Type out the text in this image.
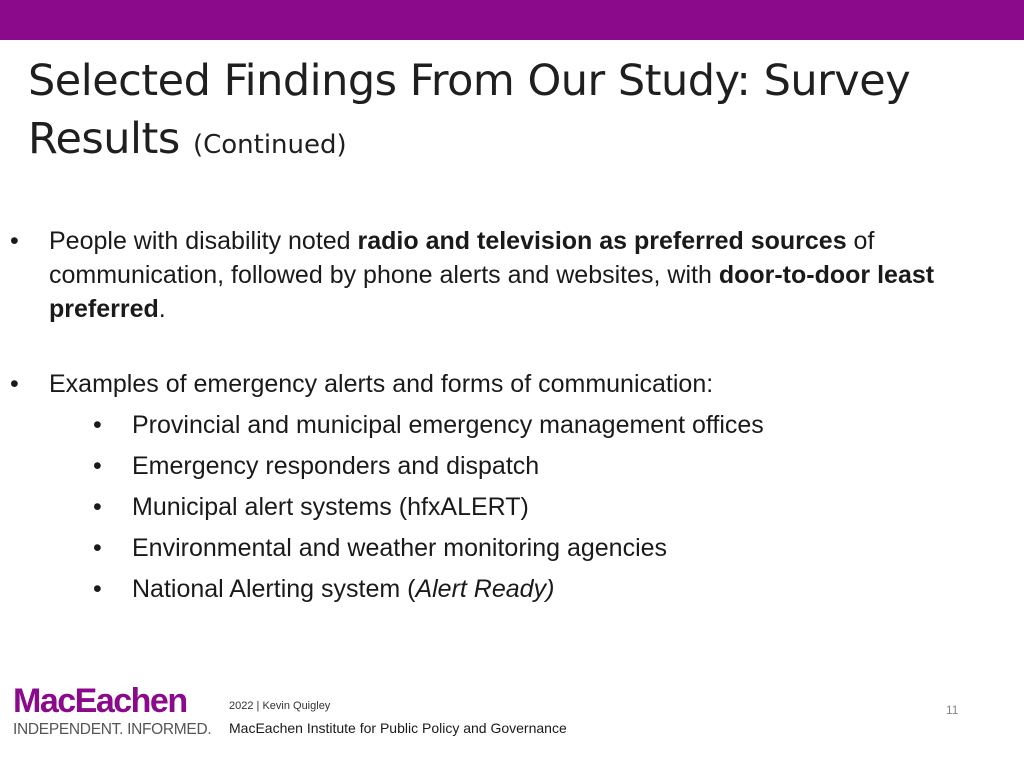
Selected Findings From Our Study: Survey Results (Continued)
• People with disability noted radio and television as preferred sources of communication, followed by phone alerts and websites, with door-to-door least preferred.
• Examples of emergency alerts and forms of communication:
• Provincial and municipal emergency management offices
• Emergency responders and dispatch
• Municipal alert systems (hfxALERT)
• Environmental and weather monitoring agencies
• National Alerting system (Alert Ready)
MacEachen
INDEPENDENT. INFORMED.
2022 | Kevin Quigley
MacEachen Institute for Public Policy and Governance
11
